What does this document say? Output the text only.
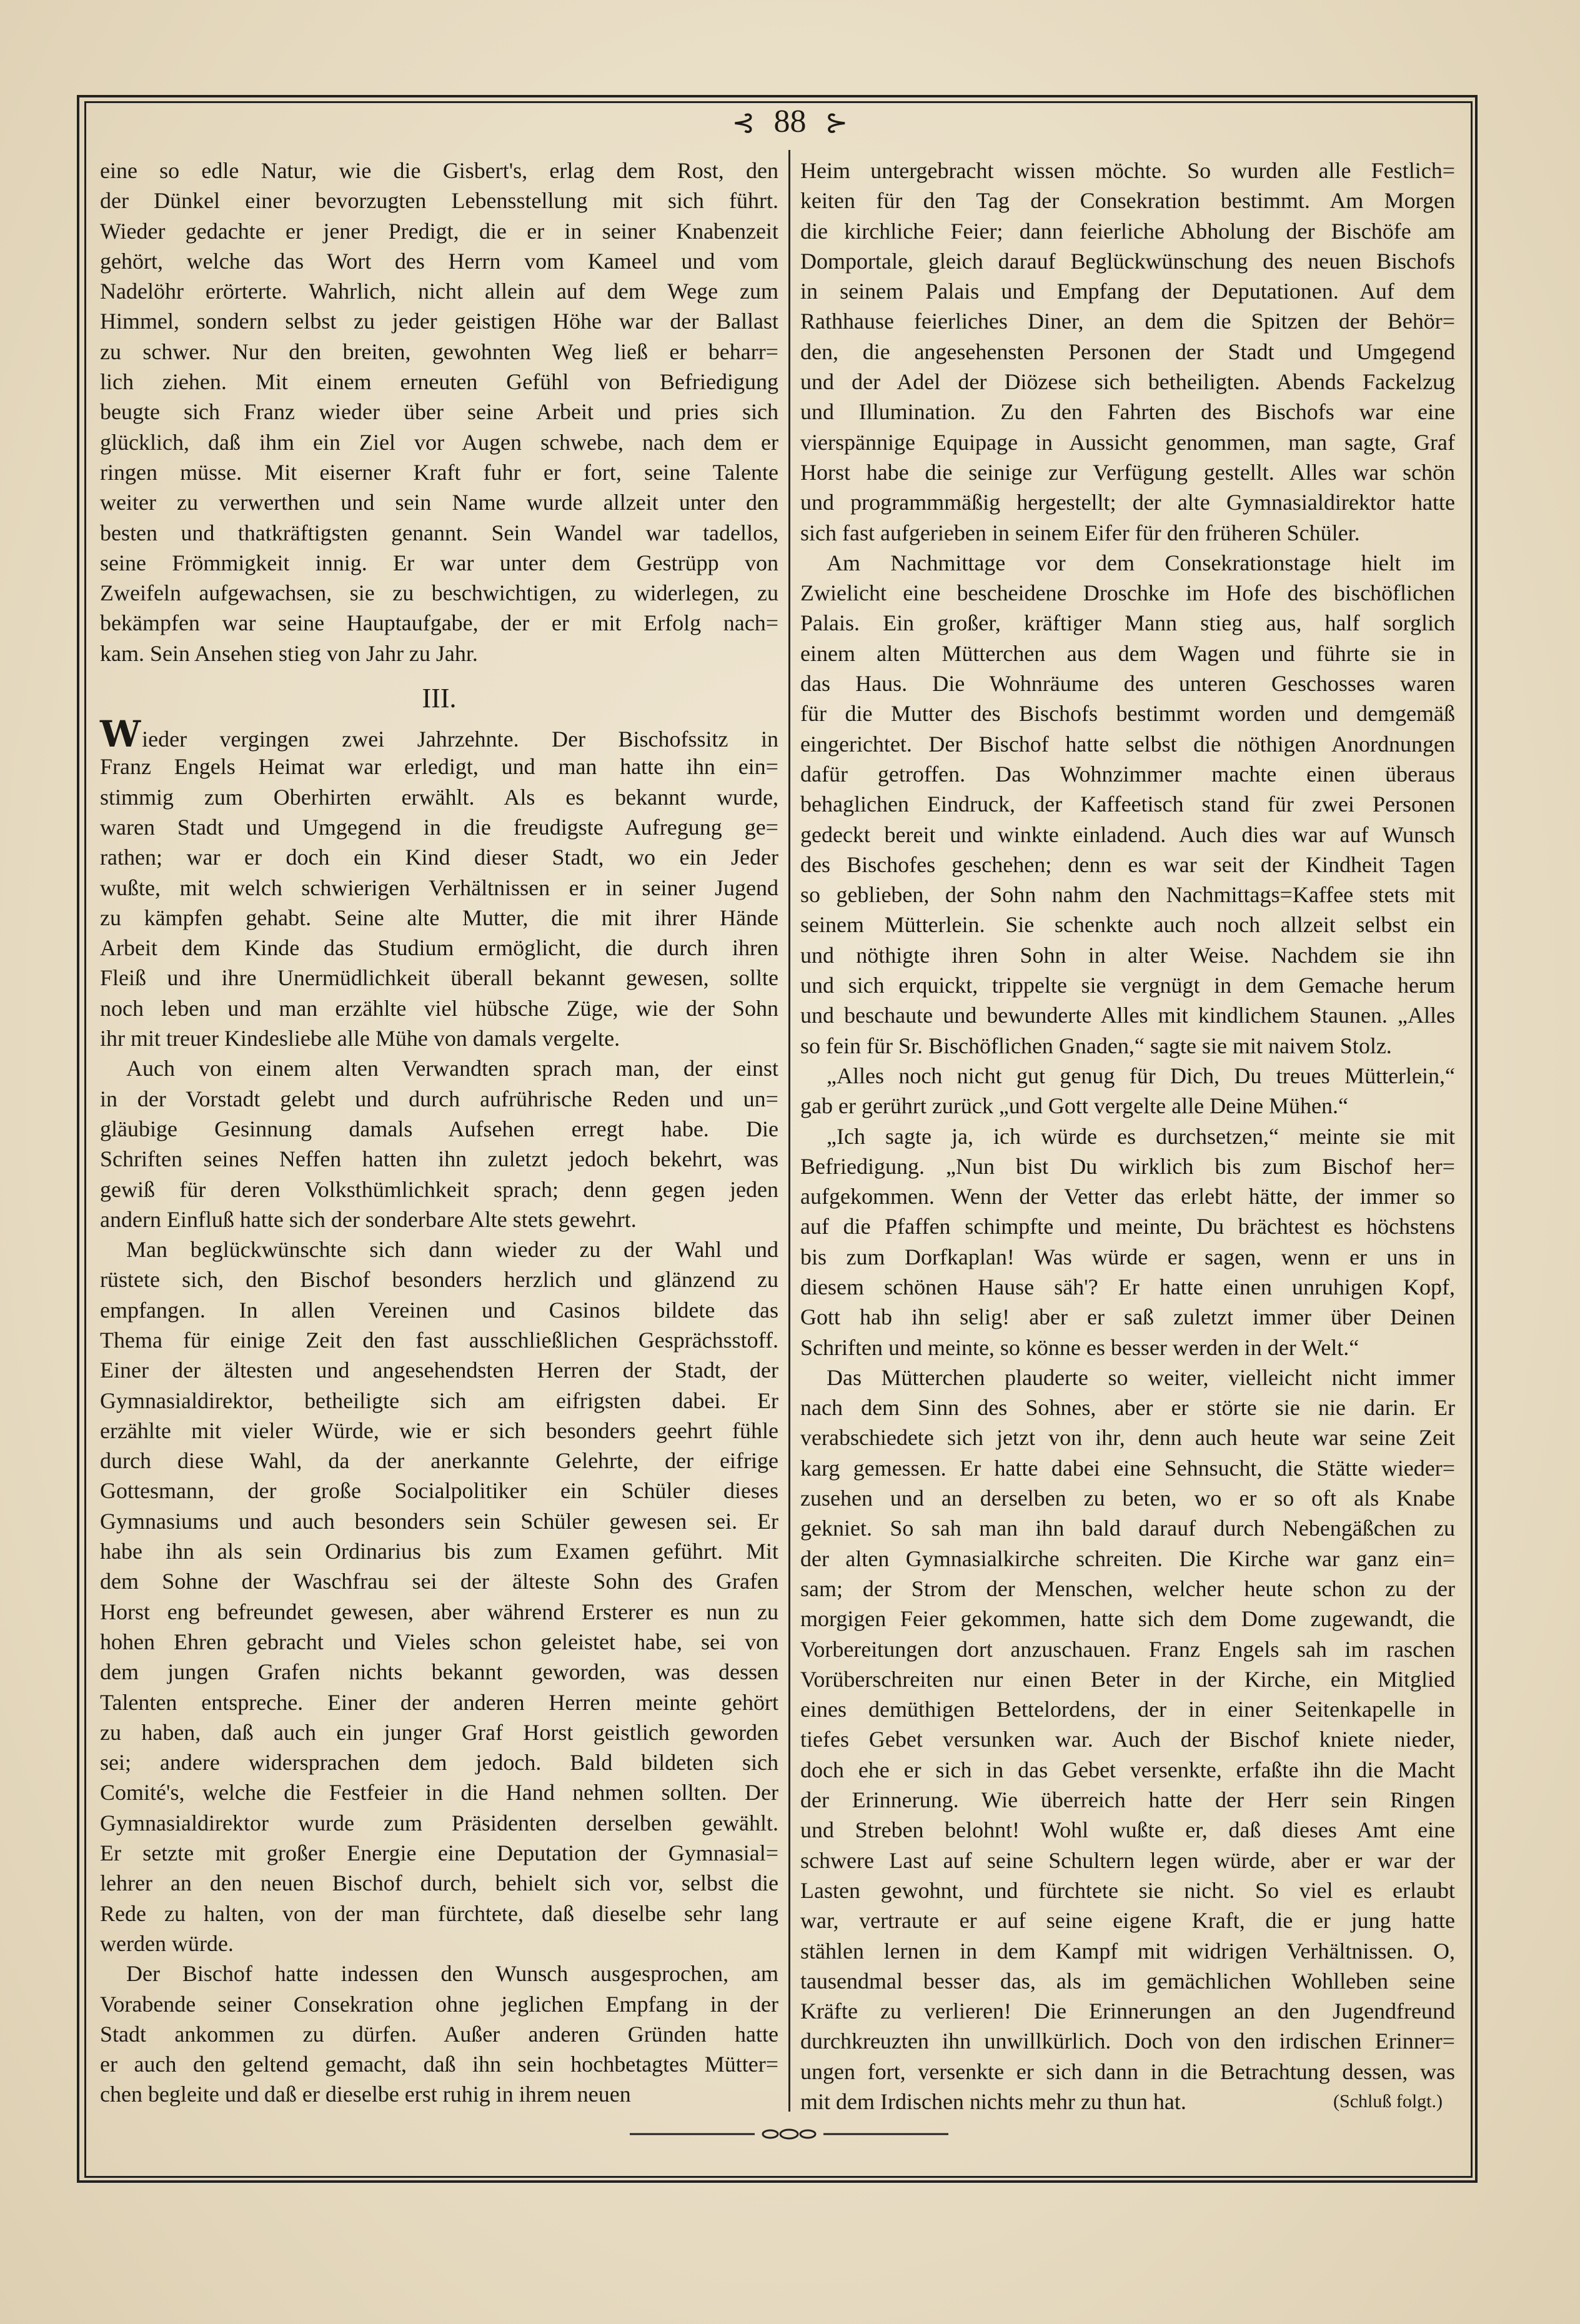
⊰ 88 ⊱
eine so edle Natur, wie die Gisbert's, erlag dem Rost, den
der Dünkel einer bevorzugten Lebensstellung mit sich führt.
Wieder gedachte er jener Predigt, die er in seiner Knabenzeit
gehört, welche das Wort des Herrn vom Kameel und vom
Nadelöhr erörterte. Wahrlich, nicht allein auf dem Wege zum
Himmel, sondern selbst zu jeder geistigen Höhe war der Ballast
zu schwer. Nur den breiten, gewohnten Weg ließ er beharr=
lich ziehen. Mit einem erneuten Gefühl von Befriedigung
beugte sich Franz wieder über seine Arbeit und pries sich
glücklich, daß ihm ein Ziel vor Augen schwebe, nach dem er
ringen müsse. Mit eiserner Kraft fuhr er fort, seine Talente
weiter zu verwerthen und sein Name wurde allzeit unter den
besten und thatkräftigsten genannt. Sein Wandel war tadellos,
seine Frömmigkeit innig. Er war unter dem Gestrüpp von
Zweifeln aufgewachsen, sie zu beschwichtigen, zu widerlegen, zu
bekämpfen war seine Hauptaufgabe, der er mit Erfolg nach=
kam. Sein Ansehen stieg von Jahr zu Jahr.
III.
Wieder vergingen zwei Jahrzehnte. Der Bischofssitz in
Franz Engels Heimat war erledigt, und man hatte ihn ein=
stimmig zum Oberhirten erwählt. Als es bekannt wurde,
waren Stadt und Umgegend in die freudigste Aufregung ge=
rathen; war er doch ein Kind dieser Stadt, wo ein Jeder
wußte, mit welch schwierigen Verhältnissen er in seiner Jugend
zu kämpfen gehabt. Seine alte Mutter, die mit ihrer Hände
Arbeit dem Kinde das Studium ermöglicht, die durch ihren
Fleiß und ihre Unermüdlichkeit überall bekannt gewesen, sollte
noch leben und man erzählte viel hübsche Züge, wie der Sohn
ihr mit treuer Kindesliebe alle Mühe von damals vergelte.
Auch von einem alten Verwandten sprach man, der einst
in der Vorstadt gelebt und durch aufrührische Reden und un=
gläubige Gesinnung damals Aufsehen erregt habe. Die
Schriften seines Neffen hatten ihn zuletzt jedoch bekehrt, was
gewiß für deren Volksthümlichkeit sprach; denn gegen jeden
andern Einfluß hatte sich der sonderbare Alte stets gewehrt.
Man beglückwünschte sich dann wieder zu der Wahl und
rüstete sich, den Bischof besonders herzlich und glänzend zu
empfangen. In allen Vereinen und Casinos bildete das
Thema für einige Zeit den fast ausschließlichen Gesprächsstoff.
Einer der ältesten und angesehendsten Herren der Stadt, der
Gymnasialdirektor, betheiligte sich am eifrigsten dabei. Er
erzählte mit vieler Würde, wie er sich besonders geehrt fühle
durch diese Wahl, da der anerkannte Gelehrte, der eifrige
Gottesmann, der große Socialpolitiker ein Schüler dieses
Gymnasiums und auch besonders sein Schüler gewesen sei. Er
habe ihn als sein Ordinarius bis zum Examen geführt. Mit
dem Sohne der Waschfrau sei der älteste Sohn des Grafen
Horst eng befreundet gewesen, aber während Ersterer es nun zu
hohen Ehren gebracht und Vieles schon geleistet habe, sei von
dem jungen Grafen nichts bekannt geworden, was dessen
Talenten entspreche. Einer der anderen Herren meinte gehört
zu haben, daß auch ein junger Graf Horst geistlich geworden
sei; andere widersprachen dem jedoch. Bald bildeten sich
Comité's, welche die Festfeier in die Hand nehmen sollten. Der
Gymnasialdirektor wurde zum Präsidenten derselben gewählt.
Er setzte mit großer Energie eine Deputation der Gymnasial=
lehrer an den neuen Bischof durch, behielt sich vor, selbst die
Rede zu halten, von der man fürchtete, daß dieselbe sehr lang
werden würde.
Der Bischof hatte indessen den Wunsch ausgesprochen, am
Vorabende seiner Consekration ohne jeglichen Empfang in der
Stadt ankommen zu dürfen. Außer anderen Gründen hatte
er auch den geltend gemacht, daß ihn sein hochbetagtes Mütter=
chen begleite und daß er dieselbe erst ruhig in ihrem neuen
Heim untergebracht wissen möchte. So wurden alle Festlich=
keiten für den Tag der Consekration bestimmt. Am Morgen
die kirchliche Feier; dann feierliche Abholung der Bischöfe am
Domportale, gleich darauf Beglückwünschung des neuen Bischofs
in seinem Palais und Empfang der Deputationen. Auf dem
Rathhause feierliches Diner, an dem die Spitzen der Behör=
den, die angesehensten Personen der Stadt und Umgegend
und der Adel der Diözese sich betheiligten. Abends Fackelzug
und Illumination. Zu den Fahrten des Bischofs war eine
vierspännige Equipage in Aussicht genommen, man sagte, Graf
Horst habe die seinige zur Verfügung gestellt. Alles war schön
und programmmäßig hergestellt; der alte Gymnasialdirektor hatte
sich fast aufgerieben in seinem Eifer für den früheren Schüler.
Am Nachmittage vor dem Consekrationstage hielt im
Zwielicht eine bescheidene Droschke im Hofe des bischöflichen
Palais. Ein großer, kräftiger Mann stieg aus, half sorglich
einem alten Mütterchen aus dem Wagen und führte sie in
das Haus. Die Wohnräume des unteren Geschosses waren
für die Mutter des Bischofs bestimmt worden und demgemäß
eingerichtet. Der Bischof hatte selbst die nöthigen Anordnungen
dafür getroffen. Das Wohnzimmer machte einen überaus
behaglichen Eindruck, der Kaffeetisch stand für zwei Personen
gedeckt bereit und winkte einladend. Auch dies war auf Wunsch
des Bischofes geschehen; denn es war seit der Kindheit Tagen
so geblieben, der Sohn nahm den Nachmittags=Kaffee stets mit
seinem Mütterlein. Sie schenkte auch noch allzeit selbst ein
und nöthigte ihren Sohn in alter Weise. Nachdem sie ihn
und sich erquickt, trippelte sie vergnügt in dem Gemache herum
und beschaute und bewunderte Alles mit kindlichem Staunen. „Alles
so fein für Sr. Bischöflichen Gnaden,“ sagte sie mit naivem Stolz.
„Alles noch nicht gut genug für Dich, Du treues Mütterlein,“
gab er gerührt zurück „und Gott vergelte alle Deine Mühen.“
„Ich sagte ja, ich würde es durchsetzen,“ meinte sie mit
Befriedigung. „Nun bist Du wirklich bis zum Bischof her=
aufgekommen. Wenn der Vetter das erlebt hätte, der immer so
auf die Pfaffen schimpfte und meinte, Du brächtest es höchstens
bis zum Dorfkaplan! Was würde er sagen, wenn er uns in
diesem schönen Hause säh'? Er hatte einen unruhigen Kopf,
Gott hab ihn selig! aber er saß zuletzt immer über Deinen
Schriften und meinte, so könne es besser werden in der Welt.“
Das Mütterchen plauderte so weiter, vielleicht nicht immer
nach dem Sinn des Sohnes, aber er störte sie nie darin. Er
verabschiedete sich jetzt von ihr, denn auch heute war seine Zeit
karg gemessen. Er hatte dabei eine Sehnsucht, die Stätte wieder=
zusehen und an derselben zu beten, wo er so oft als Knabe
gekniet. So sah man ihn bald darauf durch Nebengäßchen zu
der alten Gymnasialkirche schreiten. Die Kirche war ganz ein=
sam; der Strom der Menschen, welcher heute schon zu der
morgigen Feier gekommen, hatte sich dem Dome zugewandt, die
Vorbereitungen dort anzuschauen. Franz Engels sah im raschen
Vorüberschreiten nur einen Beter in der Kirche, ein Mitglied
eines demüthigen Bettelordens, der in einer Seitenkapelle in
tiefes Gebet versunken war. Auch der Bischof kniete nieder,
doch ehe er sich in das Gebet versenkte, erfaßte ihn die Macht
der Erinnerung. Wie überreich hatte der Herr sein Ringen
und Streben belohnt! Wohl wußte er, daß dieses Amt eine
schwere Last auf seine Schultern legen würde, aber er war der
Lasten gewohnt, und fürchtete sie nicht. So viel es erlaubt
war, vertraute er auf seine eigene Kraft, die er jung hatte
stählen lernen in dem Kampf mit widrigen Verhältnissen. O,
tausendmal besser das, als im gemächlichen Wohlleben seine
Kräfte zu verlieren! Die Erinnerungen an den Jugendfreund
durchkreuzten ihn unwillkürlich. Doch von den irdischen Erinner=
ungen fort, versenkte er sich dann in die Betrachtung dessen, was
(Schluß folgt.)
mit dem Irdischen nichts mehr zu thun hat.
